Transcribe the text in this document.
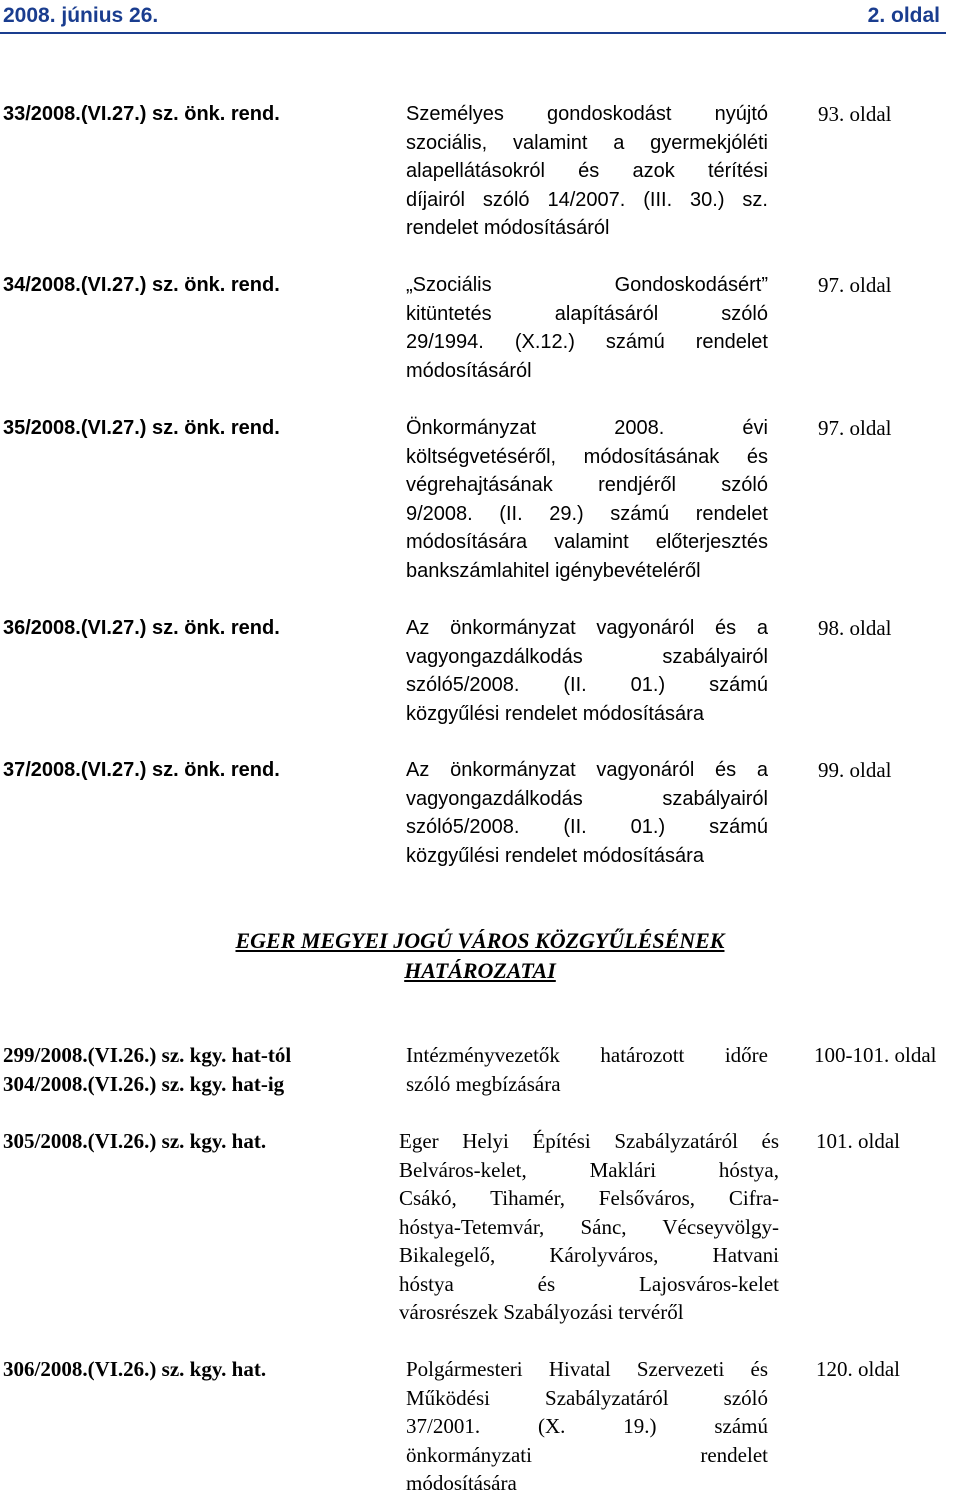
2008. június 26.	2. oldal
33/2008.(VI.27.) sz. önk. rend.	Személyes gondoskodást nyújtó
szociális, valamint a gyermekjóléti
alapellátásokról és azok térítési
díjairól szóló 14/2007. (III. 30.) sz.
rendelet módosításáról
93. oldal
34/2008.(VI.27.) sz. önk. rend.	„Szociális Gondoskodásért”
kitüntetés alapításáról szóló
29/1994. (X.12.) számú rendelet
módosításáról
97. oldal
35/2008.(VI.27.) sz. önk. rend.	Önkormányzat 2008. évi
költségvetéséről, módosításának és
végrehajtásának rendjéről szóló
9/2008. (II. 29.) számú rendelet
módosítására valamint előterjesztés
bankszámlahitel igénybevételéről
97. oldal
36/2008.(VI.27.) sz. önk. rend.	Az önkormányzat vagyonáról és a
vagyongazdálkodás szabályairól
szóló5/2008. (II. 01.) számú
közgyűlési rendelet módosítására
98. oldal
37/2008.(VI.27.) sz. önk. rend.	Az önkormányzat vagyonáról és a
vagyongazdálkodás szabályairól
szóló5/2008. (II. 01.) számú
közgyűlési rendelet módosítására
99. oldal
EGER MEGYEI JOGÚ VÁROS KÖZGYŰLÉSÉNEK
HATÁROZATAI
299/2008.(VI.26.) sz. kgy. hat-tól
304/2008.(VI.26.) sz. kgy. hat-ig
Intézményvezetők határozott időre
szóló megbízására
100-101. oldal
305/2008.(VI.26.) sz. kgy. hat.	Eger Helyi Építési Szabályzatáról és
Belváros-kelet, Maklári hóstya,
Csákó, Tihamér, Felsőváros, Cifra-
hóstya-Tetemvár, Sánc, Vécseyvölgy-
Bikalegelő, Károlyváros, Hatvani
hóstya és Lajosváros-kelet
városrészek Szabályozási tervéről
101. oldal
306/2008.(VI.26.) sz. kgy. hat.	Polgármesteri Hivatal Szervezeti és
Működési Szabályzatáról szóló
37/2001. (X. 19.) számú
önkormányzati rendelet
módosítására
120. oldal
